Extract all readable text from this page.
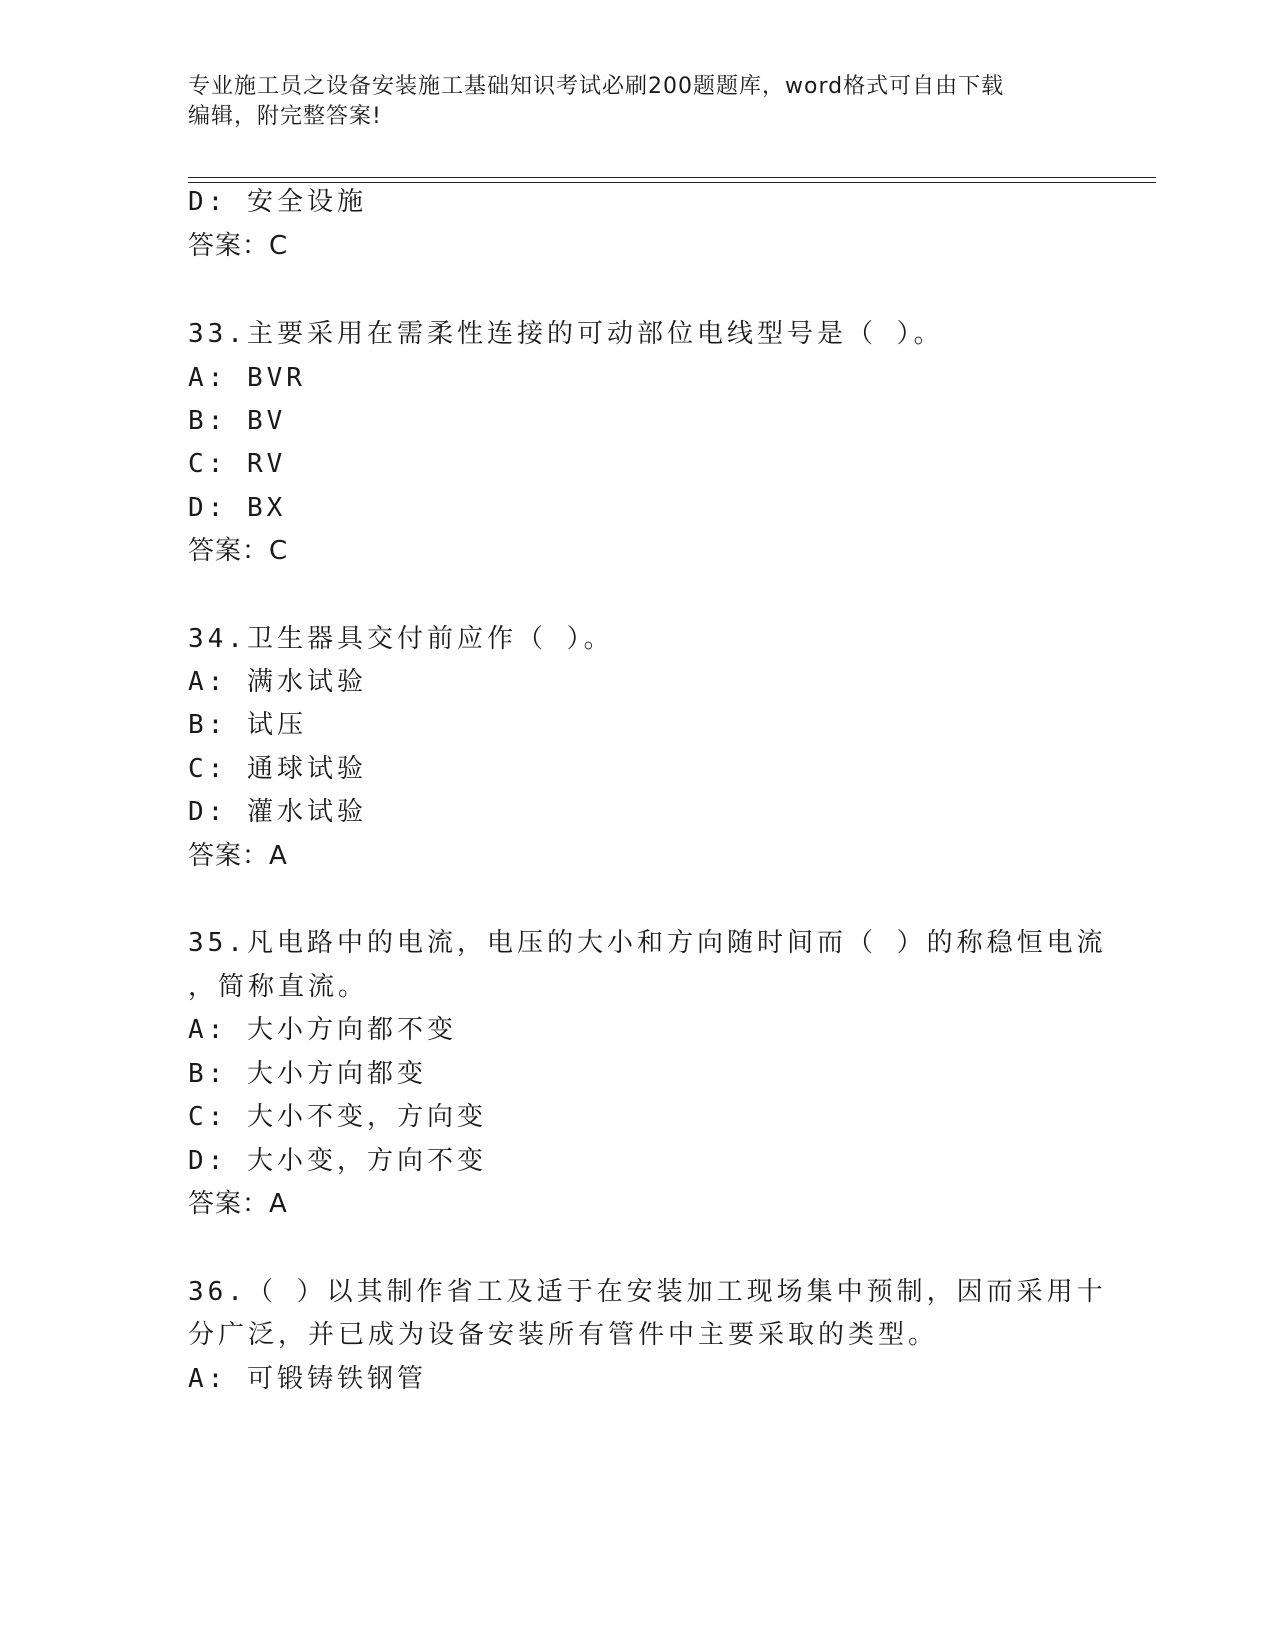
专业施工员之设备安装施工基础知识考试必刷200题题库，word格式可自由下载
编辑，附完整答案!
D: 安全设施
答案：C
33.主要采用在需柔性连接的可动部位电线型号是（ ）。
A: BVR
B: BV
C: RV
D: BX
答案：C
34.卫生器具交付前应作（ ）。
A: 满水试验
B: 试压
C: 通球试验
D: 灌水试验
答案：A
35.凡电路中的电流，电压的大小和方向随时间而（ ）的称稳恒电流
，简称直流。
A: 大小方向都不变
B: 大小方向都变
C: 大小不变，方向变
D: 大小变，方向不变
答案：A
36.（ ）以其制作省工及适于在安装加工现场集中预制，因而采用十
分广泛，并已成为设备安装所有管件中主要采取的类型。
A: 可锻铸铁钢管
